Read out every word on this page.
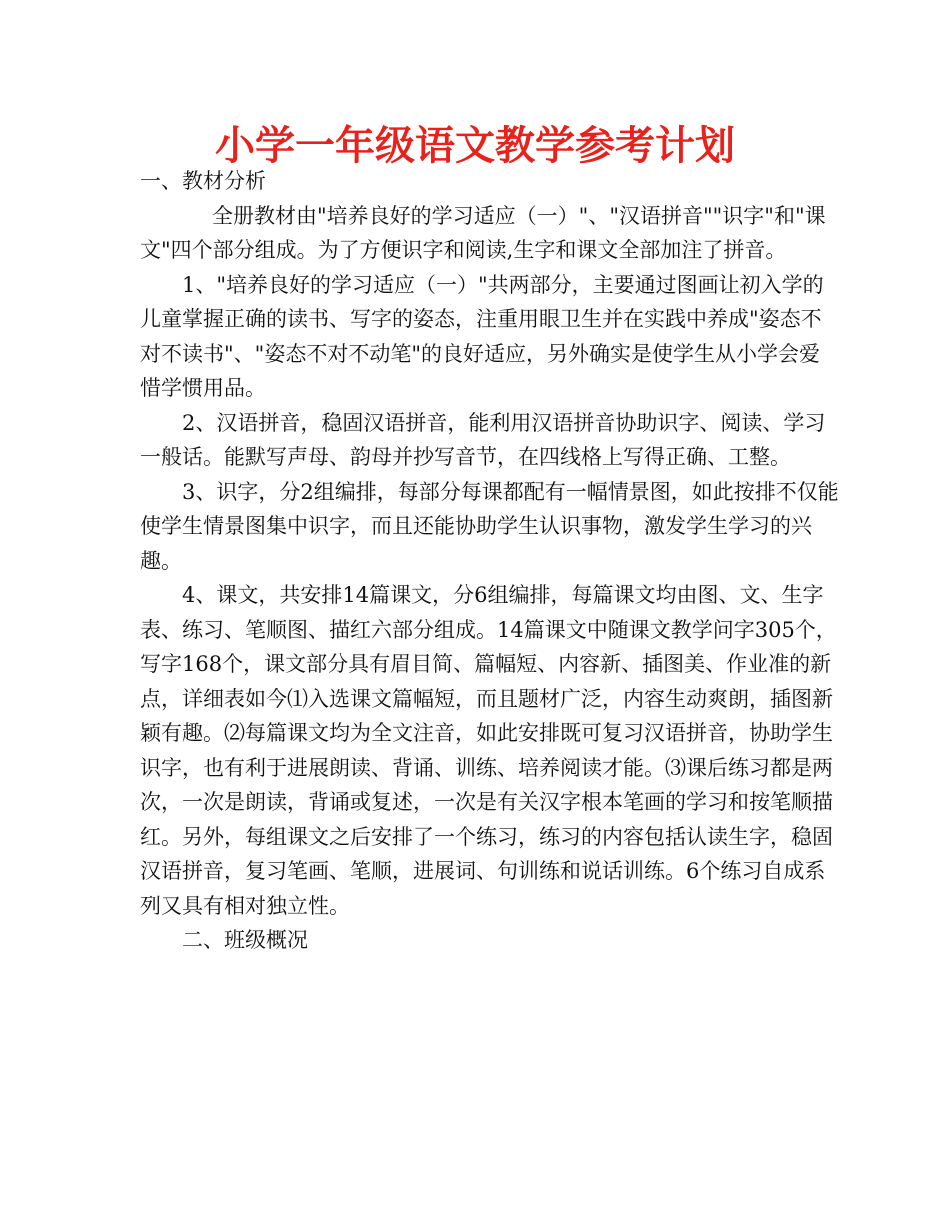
小学一年级语文教学参考计划

一、教材分析

全册教材由"培养良好的学习适应（一）"、"汉语拼音""识字"和"课文"四个部分组成。为了方便识字和阅读,生字和课文全部加注了拼音。

1、"培养良好的学习适应（一）"共两部分，主要通过图画让初入学的儿童掌握正确的读书、写字的姿态，注重用眼卫生并在实践中养成"姿态不对不读书"、"姿态不对不动笔"的良好适应，另外确实是使学生从小学会爱惜学惯用品。

2、汉语拼音，稳固汉语拼音，能利用汉语拼音协助识字、阅读、学习一般话。能默写声母、韵母并抄写音节，在四线格上写得正确、工整。

3、识字，分2组编排，每部分每课都配有一幅情景图，如此按排不仅能使学生情景图集中识字，而且还能协助学生认识事物，激发学生学习的兴趣。

4、课文，共安排14篇课文，分6组编排，每篇课文均由图、文、生字表、练习、笔顺图、描红六部分组成。14篇课文中随课文教学问字305个，写字168个，课文部分具有眉目简、篇幅短、内容新、插图美、作业准的新点，详细表如今⑴入选课文篇幅短，而且题材广泛，内容生动爽朗，插图新颖有趣。⑵每篇课文均为全文注音，如此安排既可复习汉语拼音，协助学生识字，也有利于进展朗读、背诵、训练、培养阅读才能。⑶课后练习都是两次，一次是朗读，背诵或复述，一次是有关汉字根本笔画的学习和按笔顺描红。另外，每组课文之后安排了一个练习，练习的内容包括认读生字，稳固汉语拼音，复习笔画、笔顺，进展词、句训练和说话训练。6个练习自成系列又具有相对独立性。

二、班级概况
